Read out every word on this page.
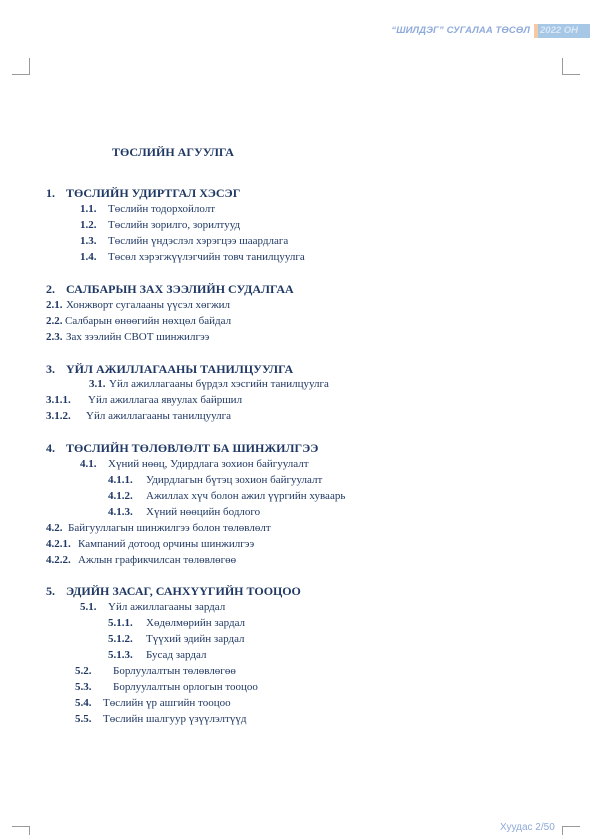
“ШИЛДЭГ” СУГАЛАА ТӨСӨЛ	2022 ОН
ТӨСЛИЙН АГУУЛГА
1. ТӨСЛИЙН УДИРТГАЛ ХЭСЭГ
1.1. Төслийн тодорхойлолт
1.2. Төслийн зорилго, зорилтууд
1.3. Төслийн үндэслэл хэрэгцээ шаардлага
1.4. Төсөл хэрэгжүүлэгчийн товч танилцуулга
2. САЛБАРЫН ЗАХ ЗЭЭЛИЙН СУДАЛГАА
2.1. Хонжворт сугалааны үүсэл хөгжил
2.2. Салбарын өнөөгийн нөхцөл байдал
2.3. Зах зээлийн СВОТ шинжилгээ
3. ҮЙЛ АЖИЛЛАГААНЫ ТАНИЛЦУУЛГА
3.1. Үйл ажиллагааны бүрдэл хэсгийн танилцуулга
3.1.1. Үйл ажиллагаа явуулах байршил
3.1.2. Үйл ажиллагааны танилцуулга
4. ТӨСЛИЙН ТӨЛӨВЛӨЛТ БА ШИНЖИЛГЭЭ
4.1. Хүний нөөц, Удирдлага зохион байгуулалт
4.1.1. Удирдлагын бүтэц зохион байгуулалт
4.1.2. Ажиллах хүч болон ажил үүргийн хуваарь
4.1.3. Хүний нөөцийн бодлого
4.2. Байгууллагын шинжилгээ болон төлөвлөлт
4.2.1. Кампаний дотоод орчины шинжилгээ
4.2.2. Ажлын графикчилсан төлөвлөгөө
5. ЭДИЙН ЗАСАГ, САНХҮҮГИЙН ТООЦОО
5.1. Үйл ажиллагааны зардал
5.1.1. Хөдөлмөрийн зардал
5.1.2. Түүхий эдийн зардал
5.1.3. Бусад зардал
5.2. Борлуулалтын төлөвлөгөө
5.3. Борлуулалтын орлогын тооцоо
5.4. Төслийн үр ашгийн тооцоо
5.5. Төслийн шалгуур үзүүлэлтүүд
Хуудас 2/50
